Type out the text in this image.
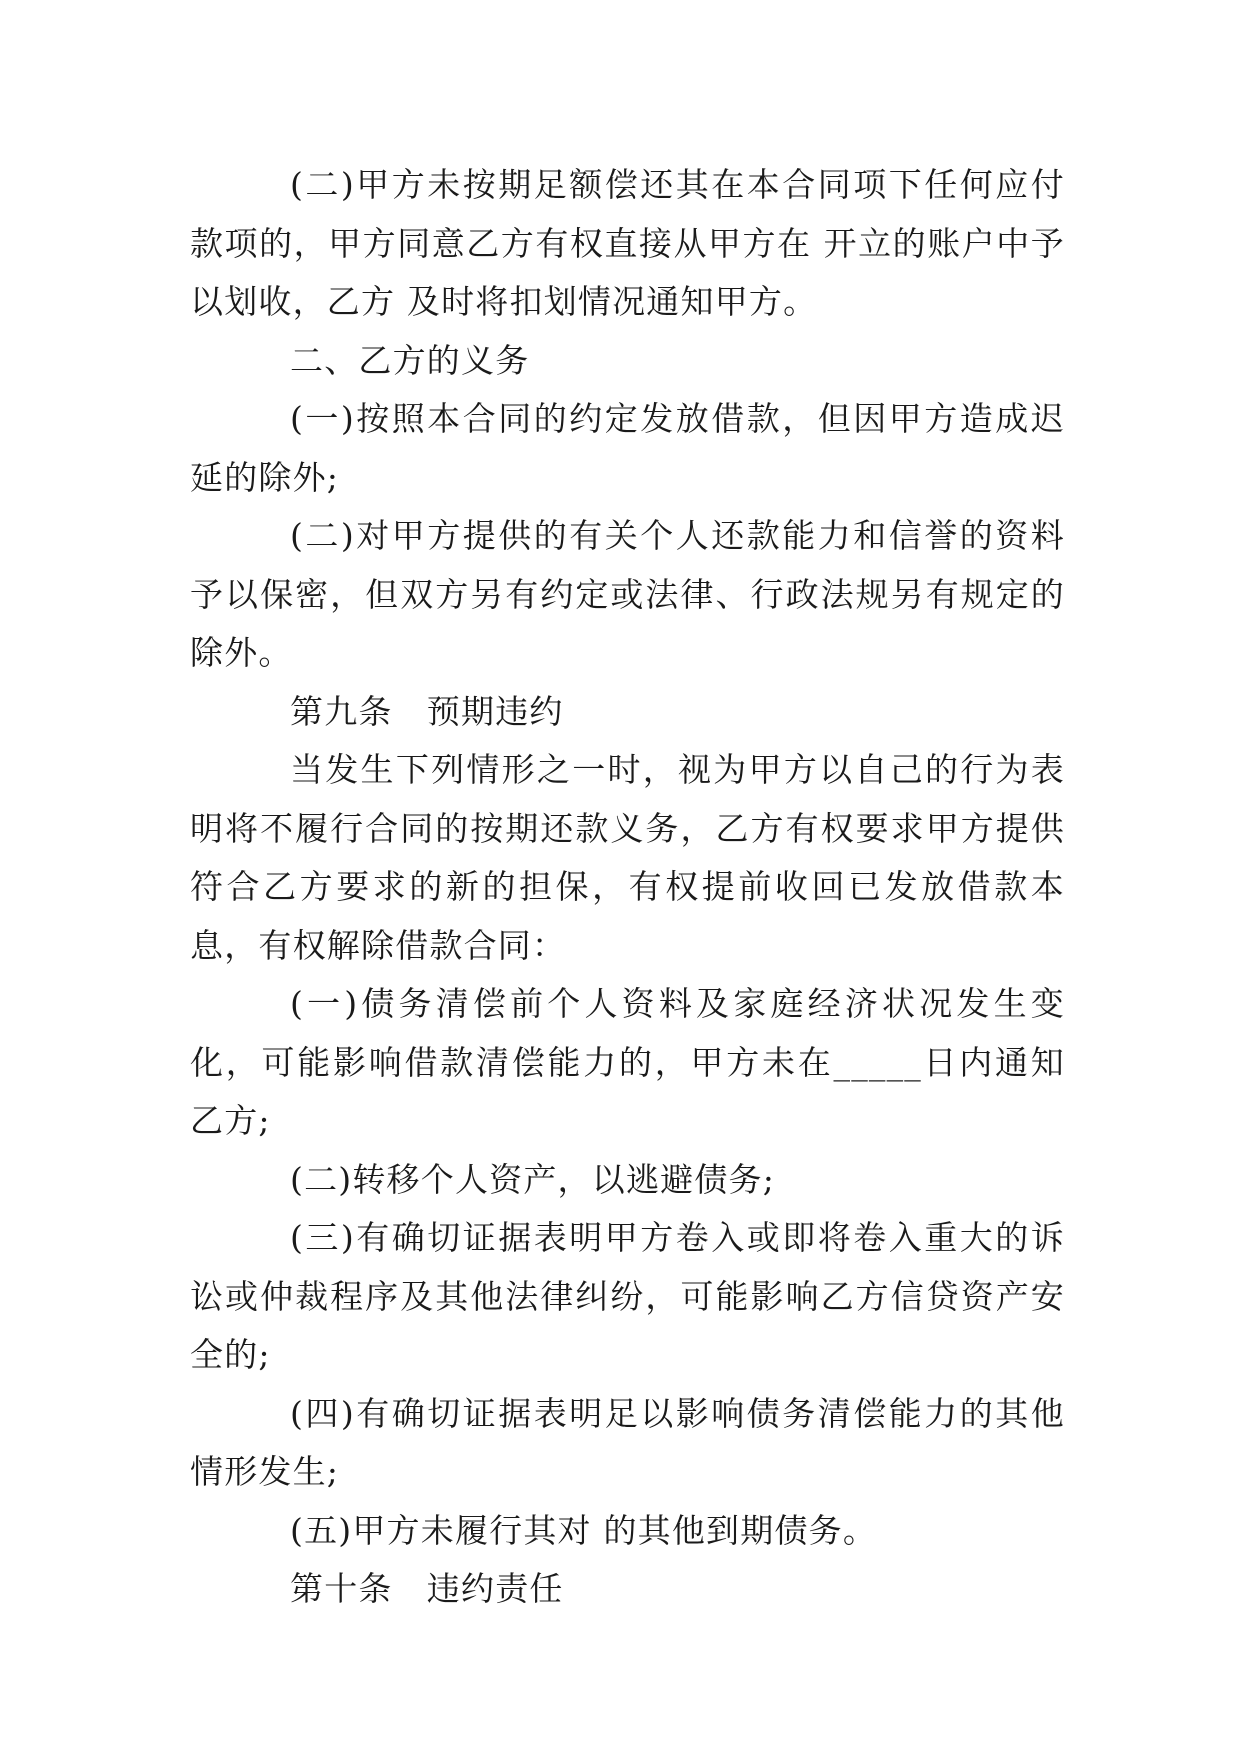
(二)甲方未按期足额偿还其在本合同项下任何应付款项的，甲方同意乙方有权直接从甲方在 开立的账户中予以划收，乙方 及时将扣划情况通知甲方。

二、乙方的义务

(一)按照本合同的约定发放借款，但因甲方造成迟延的除外;

(二)对甲方提供的有关个人还款能力和信誉的资料予以保密，但双方另有约定或法律、行政法规另有规定的除外。

第九条　预期违约

当发生下列情形之一时，视为甲方以自己的行为表明将不履行合同的按期还款义务，乙方有权要求甲方提供符合乙方要求的新的担保，有权提前收回已发放借款本息，有权解除借款合同：

(一)债务清偿前个人资料及家庭经济状况发生变化，可能影响借款清偿能力的，甲方未在_____日内通知乙方;

(二)转移个人资产，以逃避债务;

(三)有确切证据表明甲方卷入或即将卷入重大的诉讼或仲裁程序及其他法律纠纷，可能影响乙方信贷资产安全的;

(四)有确切证据表明足以影响债务清偿能力的其他情形发生;

(五)甲方未履行其对 的其他到期债务。

第十条　违约责任
